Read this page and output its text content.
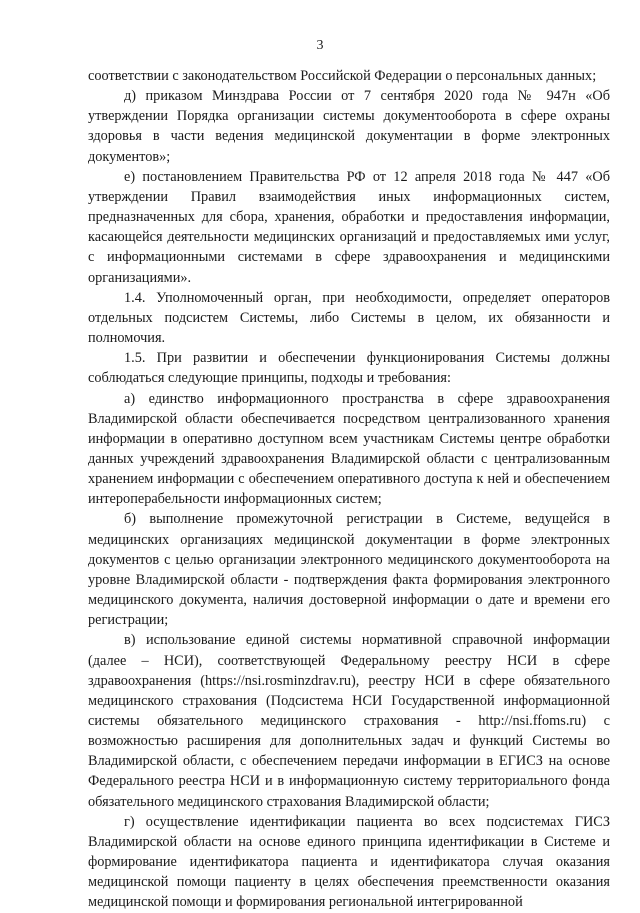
3

соответствии с законодательством Российской Федерации о персональных данных;

д) приказом Минздрава России от 7 сентября 2020 года № 947н «Об утверждении Порядка организации системы документооборота в сфере охраны здоровья в части ведения медицинской документации в форме электронных документов»;

е) постановлением Правительства РФ от 12 апреля 2018 года № 447 «Об утверждении Правил взаимодействия иных информационных систем, предназначенных для сбора, хранения, обработки и предоставления информации, касающейся деятельности медицинских организаций и предоставляемых ими услуг, с информационными системами в сфере здравоохранения и медицинскими организациями».

1.4. Уполномоченный орган, при необходимости, определяет операторов отдельных подсистем Системы, либо Системы в целом, их обязанности и полномочия.

1.5. При развитии и обеспечении функционирования Системы должны соблюдаться следующие принципы, подходы и требования:

а) единство информационного пространства в сфере здравоохранения Владимирской области обеспечивается посредством централизованного хранения информации в оперативно доступном всем участникам Системы центре обработки данных учреждений здравоохранения Владимирской области с централизованным хранением информации с обеспечением оперативного доступа к ней и обеспечением интероперабельности информационных систем;

б) выполнение промежуточной регистрации в Системе, ведущейся в медицинских организациях медицинской документации в форме электронных документов с целью организации электронного медицинского документооборота на уровне Владимирской области - подтверждения факта формирования электронного медицинского документа, наличия достоверной информации о дате и времени его регистрации;

в) использование единой системы нормативной справочной информации (далее – НСИ), соответствующей Федеральному реестру НСИ в сфере здравоохранения (https://nsi.rosminzdrav.ru), реестру НСИ в сфере обязательного медицинского страхования (Подсистема НСИ Государственной информационной системы обязательного медицинского страхования - http://nsi.ffoms.ru) с возможностью расширения для дополнительных задач и функций Системы во Владимирской области, с обеспечением передачи информации в ЕГИСЗ на основе Федерального реестра НСИ и в информационную систему территориального фонда обязательного медицинского страхования Владимирской области;

г) осуществление идентификации пациента во всех подсистемах ГИСЗ Владимирской области на основе единого принципа идентификации в Системе и формирование идентификатора пациента и идентификатора случая оказания медицинской помощи пациенту в целях обеспечения преемственности оказания медицинской помощи и формирования региональной интегрированной
